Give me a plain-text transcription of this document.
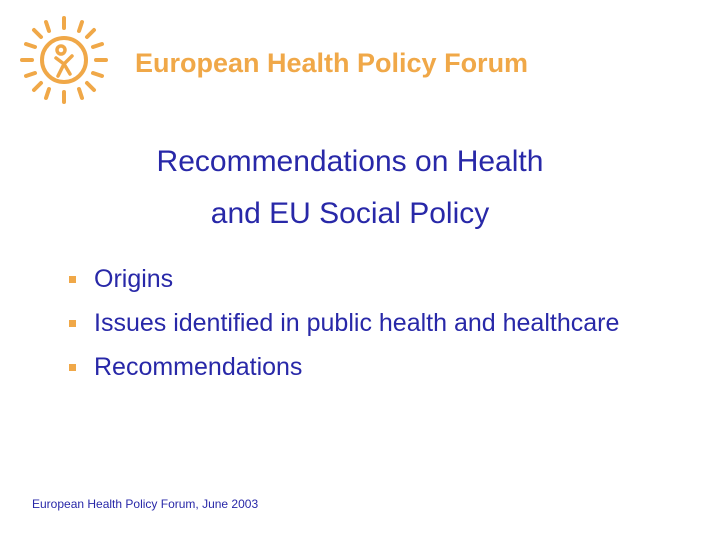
European Health Policy Forum
Recommendations on Health
and EU Social Policy
Origins
Issues identified in public health and healthcare
Recommendations
European Health Policy Forum, June 2003
